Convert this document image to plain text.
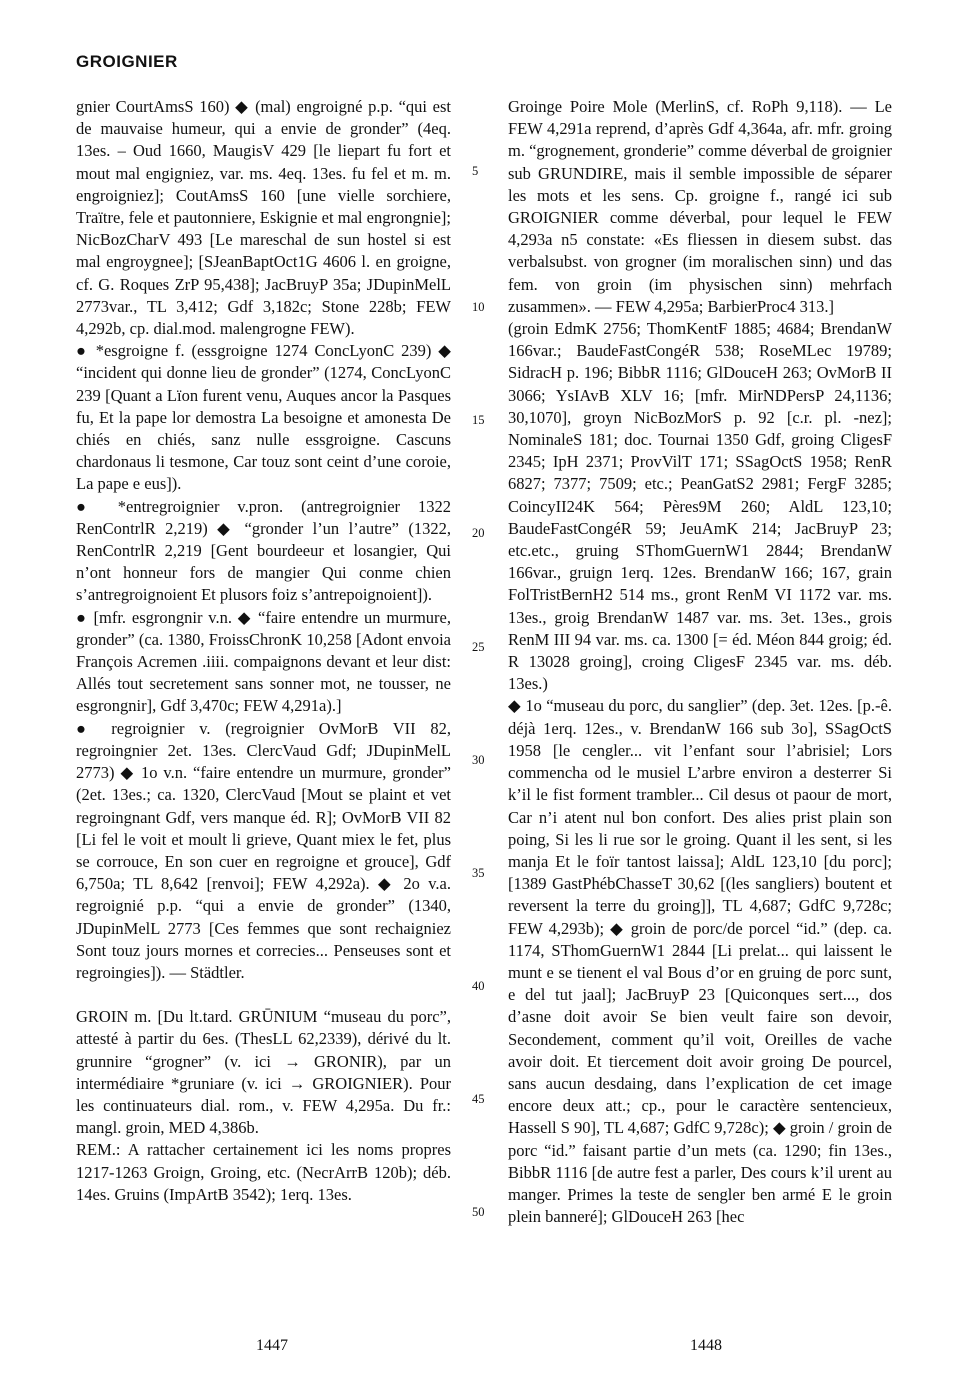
GROIGNIER

gnier CourtAmsS 160) ◆ (mal) engroigné p.p. “qui est de mauvaise humeur, qui a envie de gronder” (4eq. 13es. – Oud 1660, MaugisV 429 [le liepart fu fort et mout mal engigniez, var. ms. 4eq. 13es. fu fel et m. m. engroigniez]; CoutAmsS 160 [une vielle sorchiere, Traïtre, fele et pautonniere, Eskignie et mal engrongnie]; NicBozCharV 493 [Le mareschal de sun hostel si est mal engroygnee]; [SJeanBaptOct1G 4606 l. en groigne, cf. G. Roques ZrP 95,438]; JacBruyP 35a; JDupinMelL 2773var., TL 3,412; Gdf 3,182c; Stone 228b; FEW 4,292b, cp. dial.mod. malengrogne FEW).

● *esgroigne f. (essgroigne 1274 ConcLyonC 239) ◆ “incident qui donne lieu de gronder” (1274, ConcLyonC 239 [Quant a Lïon furent venu, Auques ancor la Pasques fu, Et la pape lor demostra La besoigne et amonesta De chiés en chiés, sanz nulle essgroigne. Cascuns chardonaus li tesmone, Car touz sont ceint d’une coroie, La pape e eus]).

● *entregroignier v.pron. (antregroignier 1322 RenContrlR 2,219) ◆ “gronder l’un l’autre” (1322, RenContrlR 2,219 [Gent bourdeeur et losangier, Qui n’ont honneur fors de mangier Qui conme chien s’antregroignoient Et plusors foiz s’antrepoignoient]).

● [mfr. esgrongnir v.n. ◆ “faire entendre un murmure, gronder” (ca. 1380, FroissChronK 10,258 [Adont envoia François Acremen .iiii. compaignons devant et leur dist: Allés tout secretement sans sonner mot, ne tousser, ne esgrongnir], Gdf 3,470c; FEW 4,291a).]

● regroignier v. (regroignier OvMorB VII 82, regroingnier 2et. 13es. ClercVaud Gdf; JDupinMelL 2773) ◆ 1o v.n. “faire entendre un murmure, gronder” (2et. 13es.; ca. 1320, ClercVaud [Mout se plaint et vet regroingnant Gdf, vers manque éd. R]; OvMorB VII 82 [Li fel le voit et moult li grieve, Quant miex le fet, plus se corrouce, En son cuer en regroigne et grouce], Gdf 6,750a; TL 8,642 [renvoi]; FEW 4,292a). ◆ 2o v.a. regroignié p.p. “qui a envie de gronder” (1340, JDupinMelL 2773 [Ces femmes que sont rechaigniez Sont touz jours mornes et correcies... Penseuses sont et regroingies]). — Städtler.

GROIN m. [Du lt.tard. GRŪNIUM “museau du porc”, attesté à partir du 6es. (ThesLL 62,2339), dérivé du lt. grunnire “grogner” (v. ici → GRONIR), par un intermédiaire *gruniare (v. ici → GROIGNIER). Pour les continuateurs dial. rom., v. FEW 4,295a. Du fr.: mangl. groin, MED 4,386b.

REM.: A rattacher certainement ici les noms propres 1217-1263 Groign, Groing, etc. (NecrArrB 120b); déb. 14es. Gruins (ImpArtB 3542); 1erq. 13es.

Groinge Poire Mole (MerlinS, cf. RoPh 9,118). — Le FEW 4,291a reprend, d’après Gdf 4,364a, afr. mfr. groing m. “grognement, gronderie” comme déverbal de groignier sub GRUNDIRE, mais il semble impossible de séparer les mots et les sens. Cp. groigne f., rangé ici sub GROIGNIER comme déverbal, pour lequel le FEW 4,293a n5 constate: «Es fliessen in diesem subst. das verbalsubst. von grogner (im moralischen sinn) und das fem. von groin (im physischen sinn) mehrfach zusammen». — FEW 4,295a; BarbierProc4 313.]

(groin EdmK 2756; ThomKentF 1885; 4684; BrendanW 166var.; BaudeFastCongéR 538; RoseMLec 19789; SidracH p. 196; BibbR 1116; GlDouceH 263; OvMorB II 3066; YsIAvB XLV 16; [mfr. MirNDPersP 24,1136; 30,1070], groyn NicBozMorS p. 92 [c.r. pl. -nez]; NominaleS 181; doc. Tournai 1350 Gdf, groing CligesF 2345; IpH 2371; ProvVilT 171; SSagOctS 1958; RenR 6827; 7377; 7509; etc.; PeanGatS2 2981; FergF 3285; CoincyII24K 564; Pères9M 260; AldL 123,10; BaudeFastCongéR 59; JeuAmK 214; JacBruyP 23; etc.etc., gruing SThomGuernW1 2844; BrendanW 166var., gruign 1erq. 12es. BrendanW 166; 167, grain FolTristBernH2 514 ms., gront RenM VI 1172 var. ms. 13es., groig BrendanW 1487 var. ms. 3et. 13es., grois RenM III 94 var. ms. ca. 1300 [= éd. Méon 844 groig; éd. R 13028 groing], croing CligesF 2345 var. ms. déb. 13es.)

◆ 1o “museau du porc, du sanglier” (dep. 3et. 12es. [p.-ê. déjà 1erq. 12es., v. BrendanW 166 sub 3o], SSagOctS 1958 [le cengler... vit l’enfant sour l’abrisiel; Lors commencha od le musiel L’arbre environ a desterrer Si k’il le fist forment trambler... Cil desus ot paour de mort, Car n’i atent nul bon confort. Des alies prist plain son poing, Si les li rue sor le groing. Quant il les sent, si les manja Et le foïr tantost laissa]; AldL 123,10 [du porc]; [1389 GastPhébChasseT 30,62 [(les sangliers) boutent et reversent la terre du groing]], TL 4,687; GdfC 9,728c; FEW 4,293b); ◆ groin de porc/de porcel “id.” (dep. ca. 1174, SThomGuernW1 2844 [Li prelat... qui laissent le munt e se tienent el val Bous d’or en gruing de porc sunt, e del tut jaal]; JacBruyP 23 [Quiconques sert..., dos d’asne doit avoir Se bien veult faire son devoir, Secondement, comment qu’il voit, Oreilles de vache avoir doit. Et tiercement doit avoir groing De pourcel, sans aucun desdaing, dans l’explication de cet image encore deux att.; cp., pour le caractère sentencieux, Hassell S 90], TL 4,687; GdfC 9,728c); ◆ groin / groin de porc “id.” faisant partie d’un mets (ca. 1290; fin 13es., BibbR 1116 [de autre fest a parler, Des cours k’il urent au manger. Primes la teste de sengler ben armé E le groin plein banneré]; GlDouceH 263 [hec

5
10
15
20
25
30
35
40
45
50
1447	1448
